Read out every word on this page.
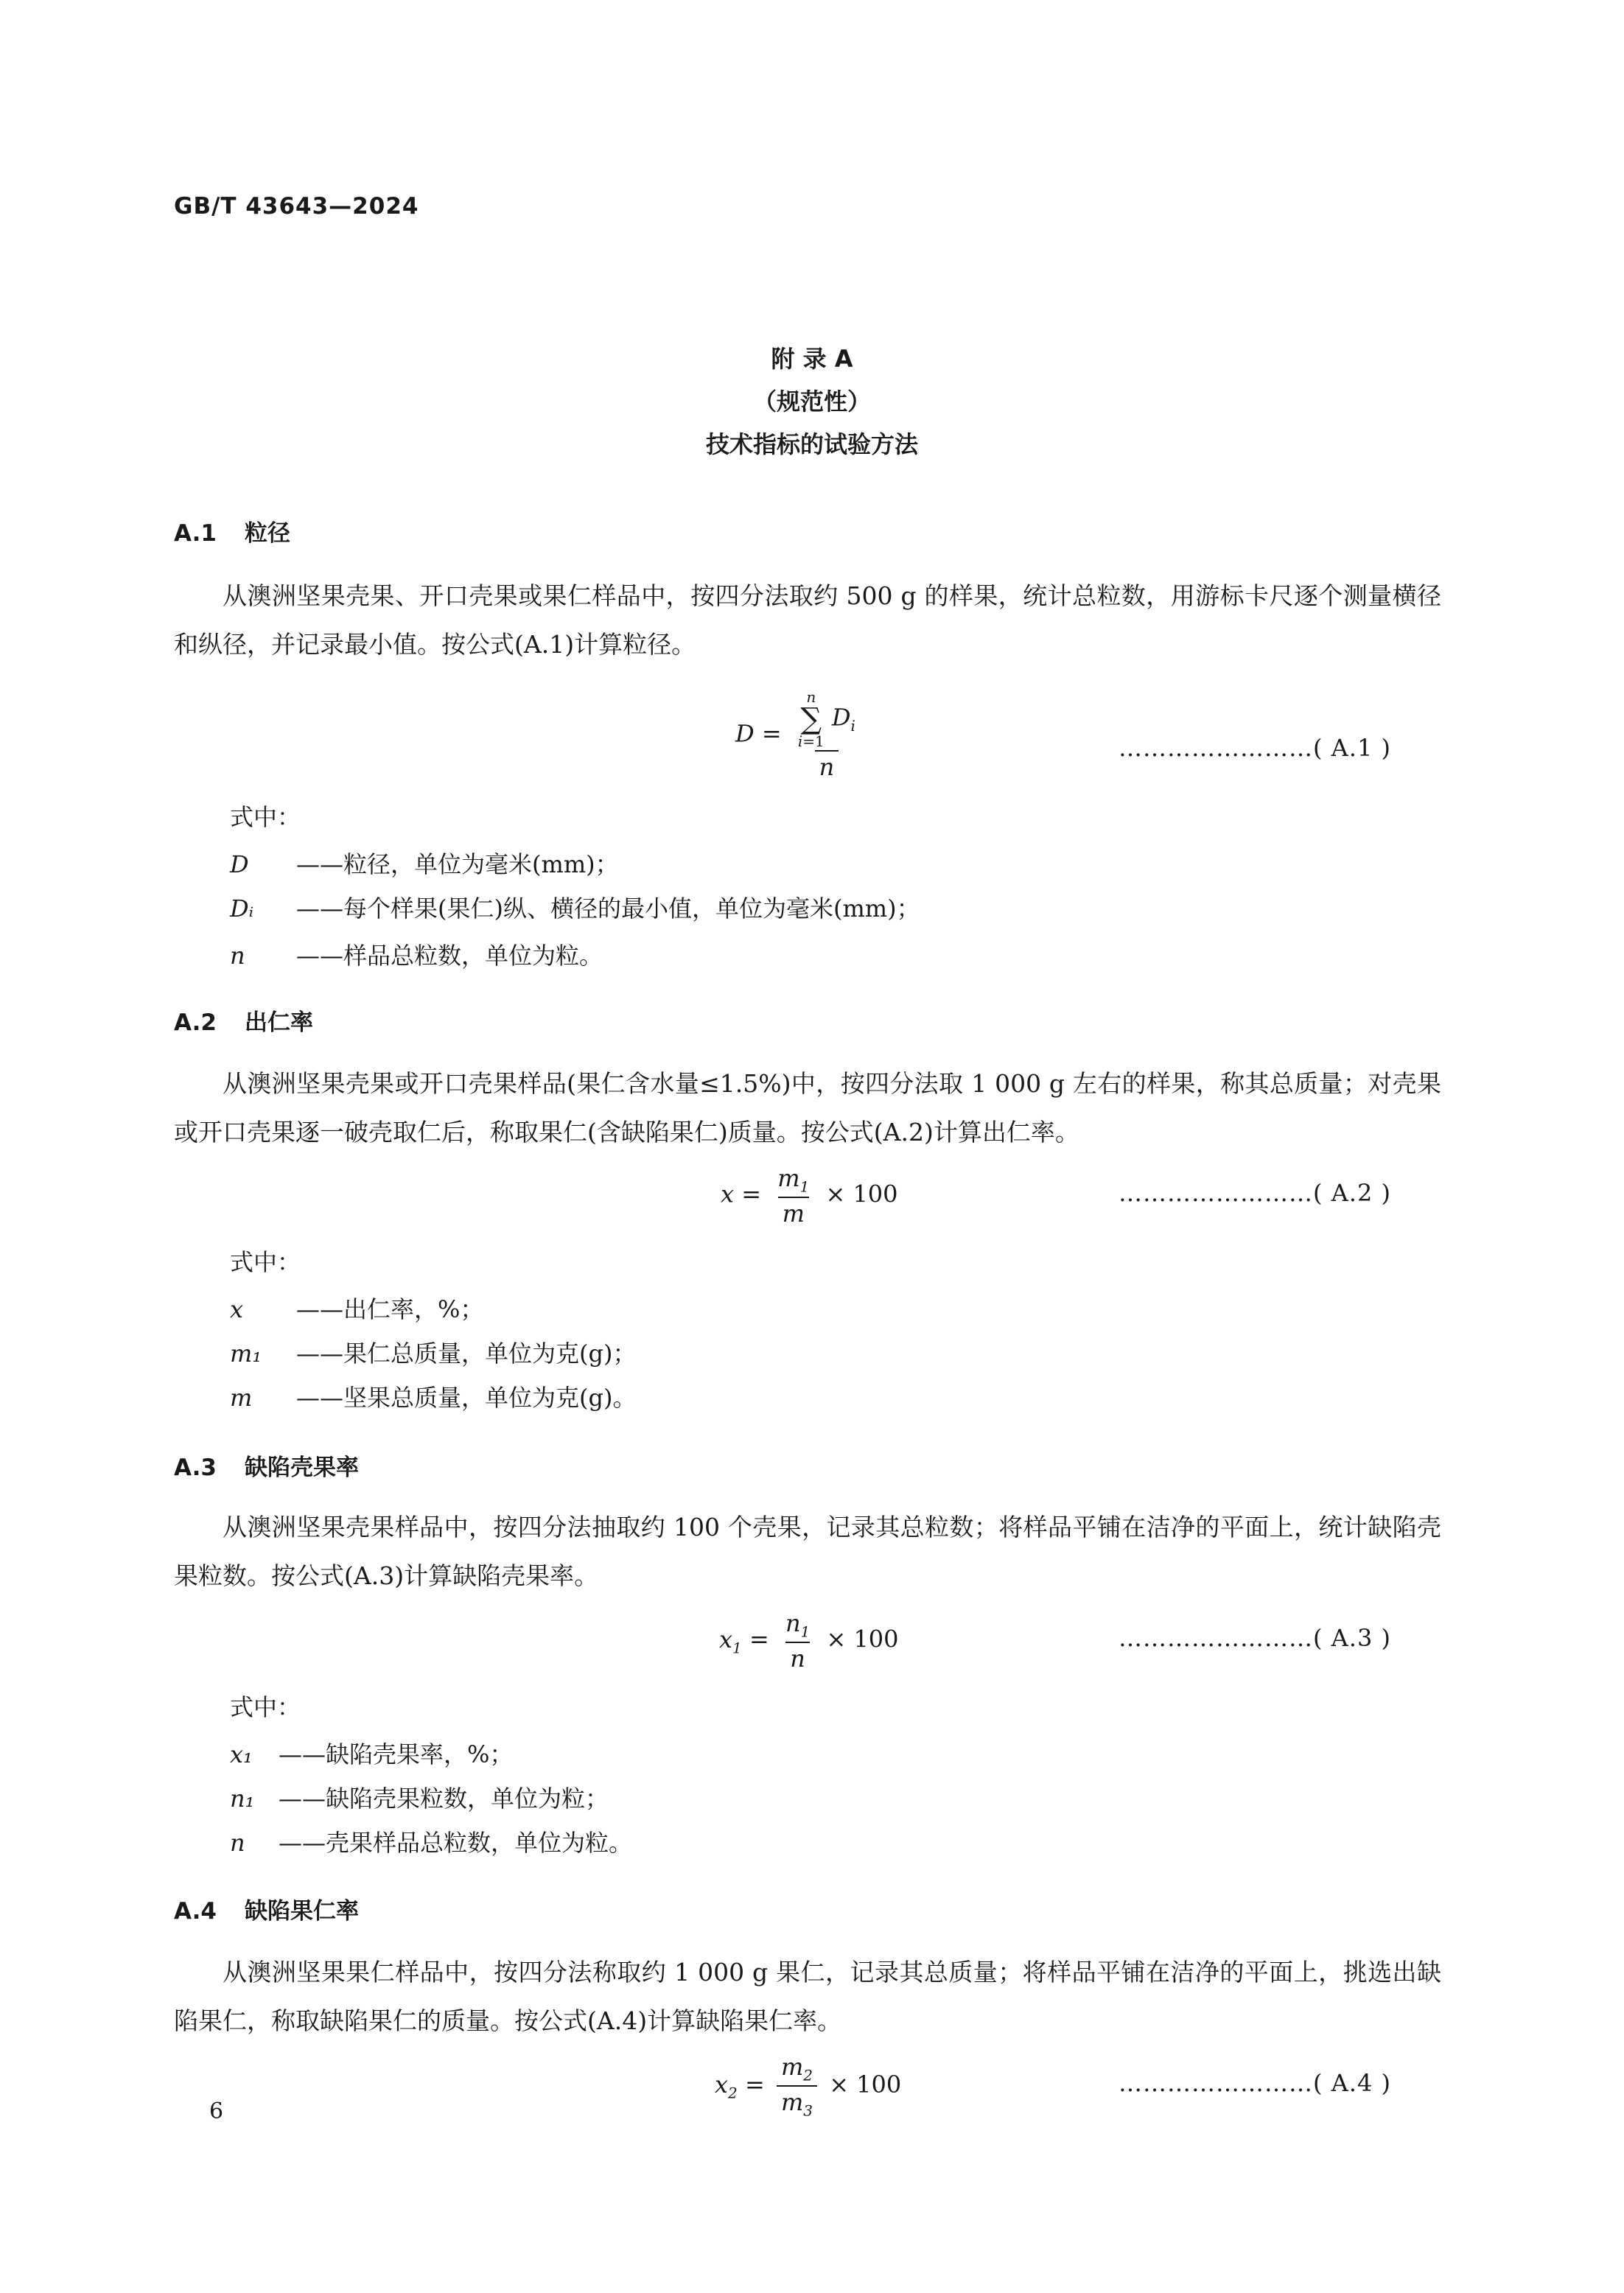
GB/T 43643—2024
附 录 A
（规范性）
技术指标的试验方法
A.1 粒径
从澳洲坚果壳果、开口壳果或果仁样品中，按四分法取约 500 g 的样果，统计总粒数，用游标卡尺逐个测量横径和纵径，并记录最小值。按公式(A.1)计算粒径。
D = n
∑
i=1
$D_i$
n	……………………( A.1 )
式中：
D ——粒径，单位为毫米(mm)；
Dᵢ ——每个样果(果仁)纵、横径的最小值，单位为毫米(mm)；
n ——样品总粒数，单位为粒。
A.2 出仁率
从澳洲坚果壳果或开口壳果样品(果仁含水量≤1.5%)中，按四分法取 1 000 g 左右的样果，称其总质量；对壳果或开口壳果逐一破壳取仁后，称取果仁(含缺陷果仁)质量。按公式(A.2)计算出仁率。
$x = \frac{m_1}{m} \times 100$	……………………( A.2 )
式中：
x ——出仁率，%；
m₁ ——果仁总质量，单位为克(g)；
m ——坚果总质量，单位为克(g)。
A.3 缺陷壳果率
从澳洲坚果壳果样品中，按四分法抽取约 100 个壳果，记录其总粒数；将样品平铺在洁净的平面上，统计缺陷壳果粒数。按公式(A.3)计算缺陷壳果率。
$x_1 = \frac{n_1}{n} \times 100$	……………………( A.3 )
式中：
x₁ ——缺陷壳果率，%；
n₁ ——缺陷壳果粒数，单位为粒；
n ——壳果样品总粒数，单位为粒。
A.4 缺陷果仁率
从澳洲坚果果仁样品中，按四分法称取约 1 000 g 果仁，记录其总质量；将样品平铺在洁净的平面上，挑选出缺陷果仁，称取缺陷果仁的质量。按公式(A.4)计算缺陷果仁率。
$x_2 = \frac{m_2}{m_3} \times 100$	……………………( A.4 )
6
